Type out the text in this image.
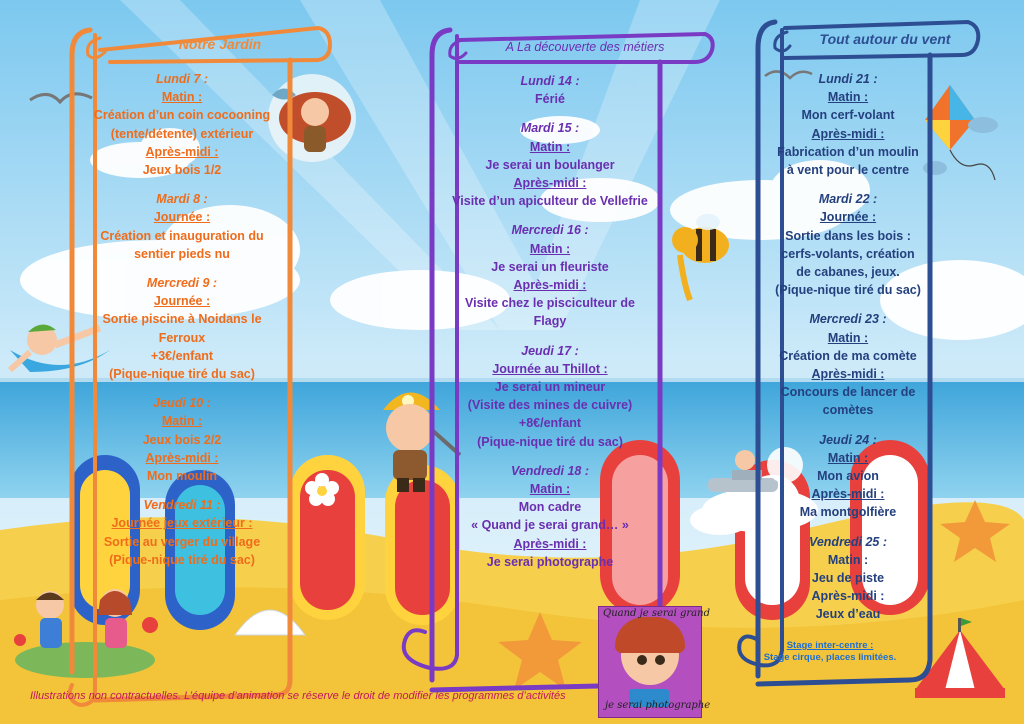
Notre Jardin	A La découverte des métiers	Tout autour du vent
Lundi 7 :
Matin :
Création d’un coin cocooning
(tente/détente) extérieur
Après-midi :
Jeux bois 1/2
Mardi 8 :
Journée :
Création et inauguration du
sentier pieds nu
Mercredi 9 :
Journée :
Sortie piscine à Noidans le
Ferroux
+3€/enfant
(Pique-nique tiré du sac)
Jeudi 10 :
Matin :
Jeux bois 2/2
Après-midi :
Mon moulin
Vendredi 11 :
Journée jeux extérieur :
Sortie au verger du village
(Pique-nique tiré du sac)
Lundi 14 :
Férié
Mardi 15 :
Matin :
Je serai un boulanger
Après-midi :
Visite d’un apiculteur de Vellefrie
Mercredi 16 :
Matin :
Je serai un fleuriste
Après-midi :
Visite chez le pisciculteur de
Flagy
Jeudi 17 :
Journée au Thillot :
Je serai un mineur
(Visite des mines de cuivre)
+8€/enfant
(Pique-nique tiré du sac)
Vendredi 18 :
Matin :
Mon cadre
« Quand je serai grand… »
Après-midi :
Je serai photographe
Lundi 21 :
Matin :
Mon cerf-volant
Après-midi :
Fabrication d’un moulin
à vent pour le centre
Mardi 22 :
Journée :
Sortie dans les bois :
cerfs-volants, création
de cabanes, jeux.
(Pique-nique tiré du sac)
Mercredi 23 :
Matin :
Création de ma comète
Après-midi :
Concours de lancer de
comètes
Jeudi 24 :
Matin :
Mon avion
Après-midi :
Ma montgolfière
Vendredi 25 :
Matin :
Jeu de piste
Après-midi :
Jeux d’eau
Quand je serai grand
je serai photographe
Stage inter-centre :
Stage cirque, places limitées.
Illustrations non contractuelles. L’équipe d’animation se réserve le droit de modifier les programmes d’activités
